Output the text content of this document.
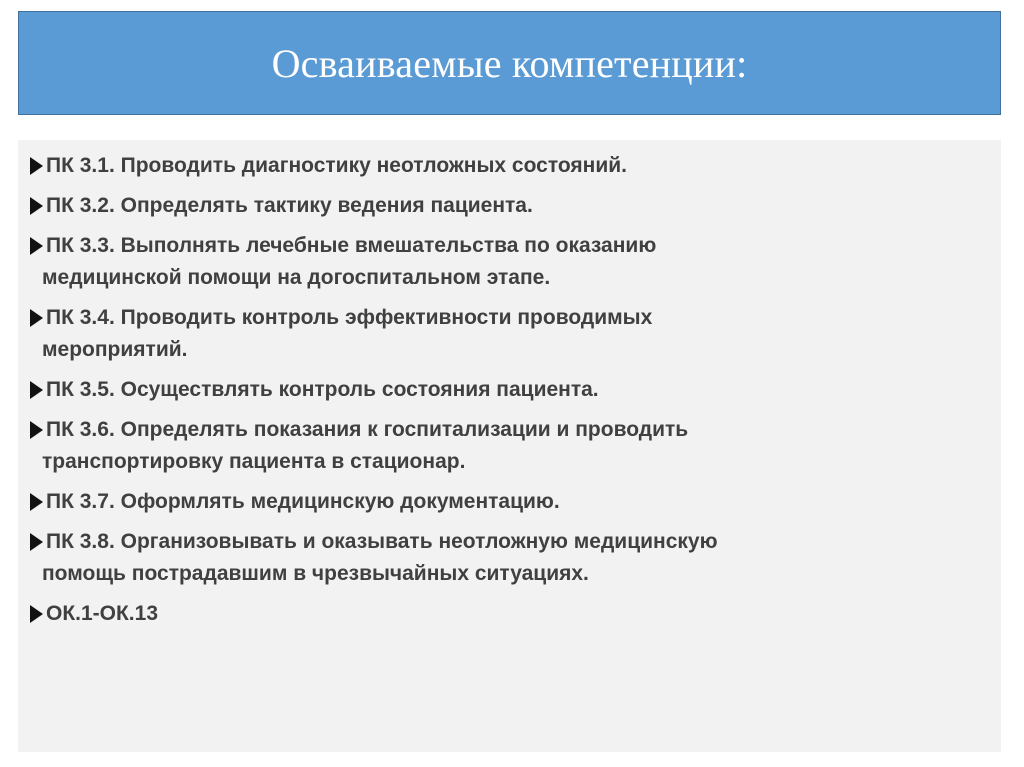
Осваиваемые компетенции:
ПК 3.1. Проводить диагностику неотложных состояний.
ПК 3.2. Определять тактику ведения пациента.
ПК 3.3. Выполнять лечебные вмешательства по оказанию
медицинской помощи на догоспитальном этапе.
ПК 3.4. Проводить контроль эффективности проводимых
мероприятий.
ПК 3.5. Осуществлять контроль состояния пациента.
ПК 3.6. Определять показания к госпитализации и проводить
транспортировку пациента в стационар.
ПК 3.7. Оформлять медицинскую документацию.
ПК 3.8. Организовывать и оказывать неотложную медицинскую
помощь пострадавшим в чрезвычайных ситуациях.
ОК.1-ОК.13
